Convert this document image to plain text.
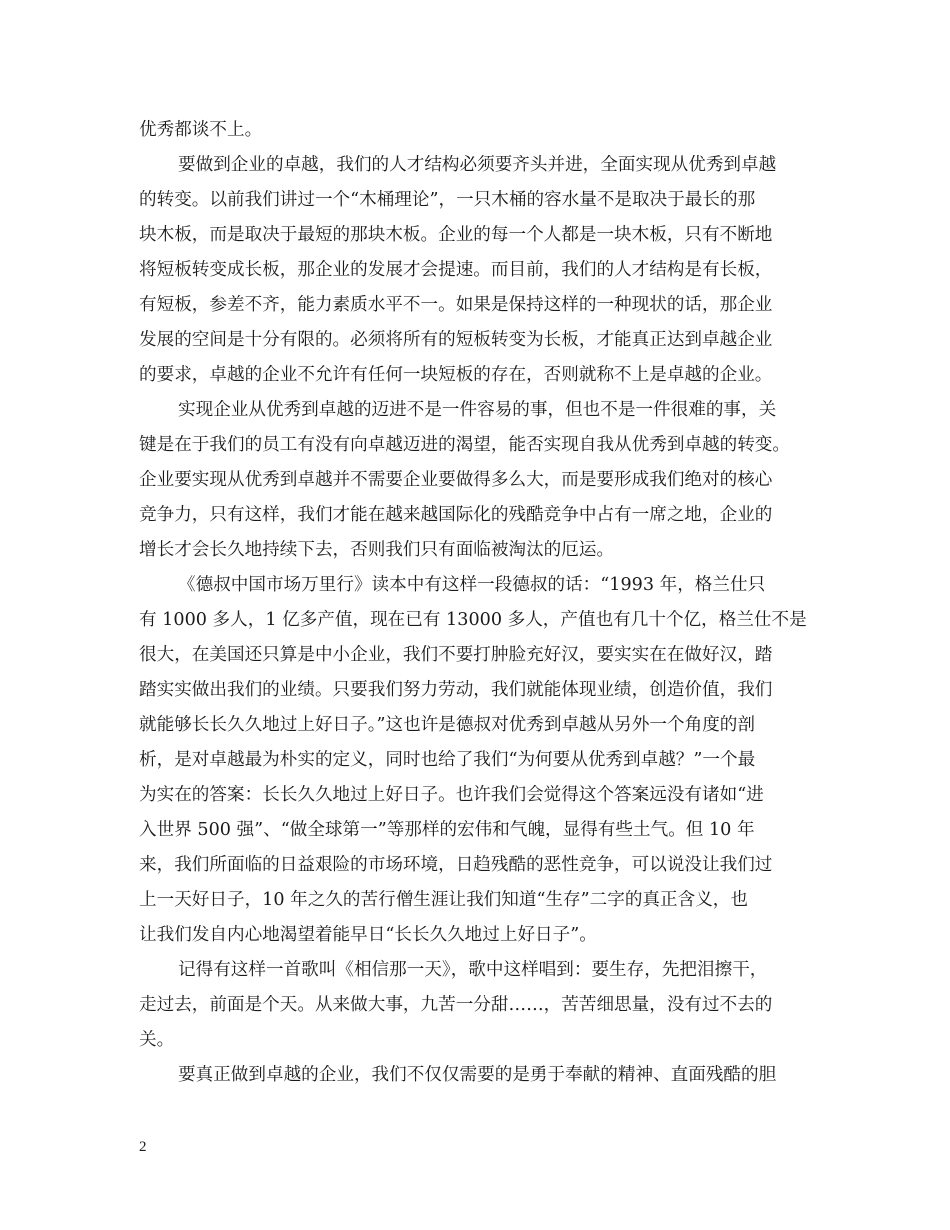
优秀都谈不上。

要做到企业的卓越，我们的人才结构必须要齐头并进，全面实现从优秀到卓越

的转变。以前我们讲过一个“木桶理论”，一只木桶的容水量不是取决于最长的那

块木板，而是取决于最短的那块木板。企业的每一个人都是一块木板，只有不断地

将短板转变成长板，那企业的发展才会提速。而目前，我们的人才结构是有长板，

有短板，参差不齐，能力素质水平不一。如果是保持这样的一种现状的话，那企业

发展的空间是十分有限的。必须将所有的短板转变为长板，才能真正达到卓越企业

的要求，卓越的企业不允许有任何一块短板的存在，否则就称不上是卓越的企业。

实现企业从优秀到卓越的迈进不是一件容易的事，但也不是一件很难的事，关

键是在于我们的员工有没有向卓越迈进的渴望，能否实现自我从优秀到卓越的转变。

企业要实现从优秀到卓越并不需要企业要做得多么大，而是要形成我们绝对的核心

竞争力，只有这样，我们才能在越来越国际化的残酷竞争中占有一席之地，企业的

增长才会长久地持续下去，否则我们只有面临被淘汰的厄运。

《德叔中国市场万里行》读本中有这样一段德叔的话：“1993 年，格兰仕只

有 1000 多人，1 亿多产值，现在已有 13000 多人，产值也有几十个亿，格兰仕不是

很大，在美国还只算是中小企业，我们不要打肿脸充好汉，要实实在在做好汉，踏

踏实实做出我们的业绩。只要我们努力劳动，我们就能体现业绩，创造价值，我们

就能够长长久久地过上好日子。”这也许是德叔对优秀到卓越从另外一个角度的剖

析，是对卓越最为朴实的定义，同时也给了我们“为何要从优秀到卓越？”一个最

为实在的答案：长长久久地过上好日子。也许我们会觉得这个答案远没有诸如“进

入世界 500 强”、“做全球第一”等那样的宏伟和气魄，显得有些土气。但 10 年

来，我们所面临的日益艰险的市场环境，日趋残酷的恶性竞争，可以说没让我们过

上一天好日子，10 年之久的苦行僧生涯让我们知道“生存”二字的真正含义，也

让我们发自内心地渴望着能早日“长长久久地过上好日子”。

记得有这样一首歌叫《相信那一天》，歌中这样唱到：要生存，先把泪擦干，

走过去，前面是个天。从来做大事，九苦一分甜……，苦苦细思量，没有过不去的

关。

要真正做到卓越的企业，我们不仅仅需要的是勇于奉献的精神、直面残酷的胆

2
